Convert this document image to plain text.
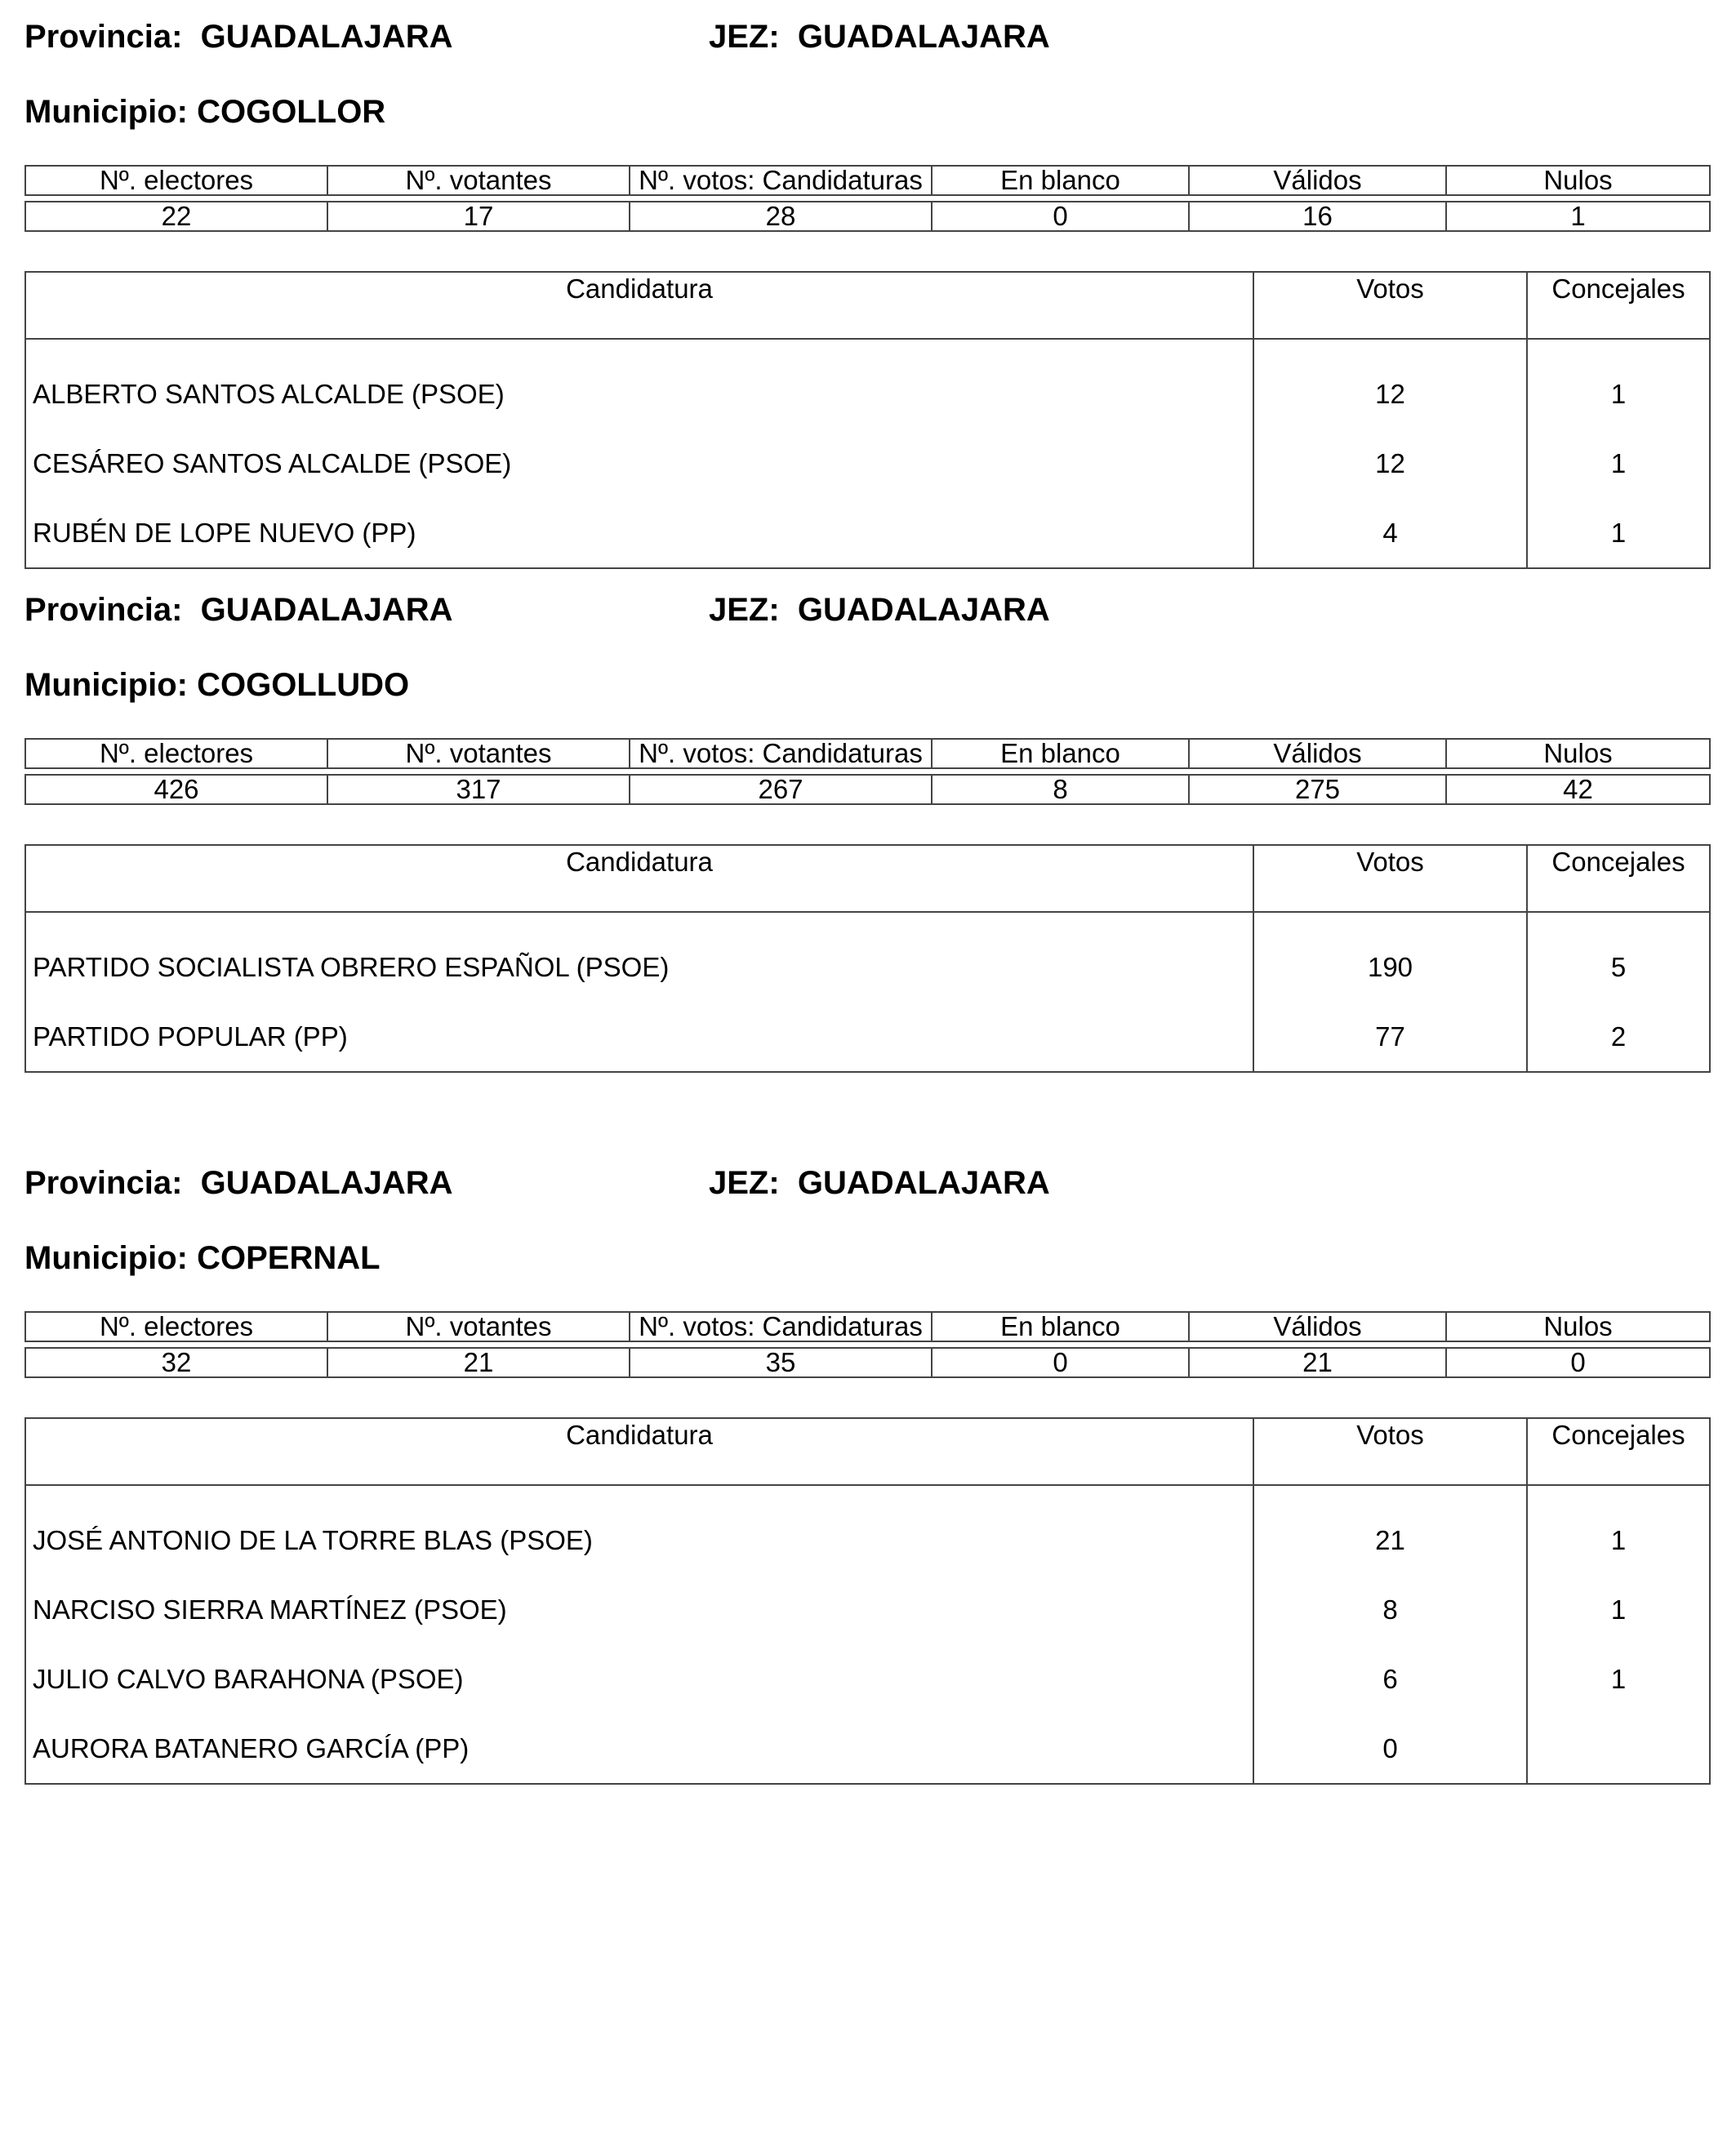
Provincia: GUADALAJARA	JEZ: GUADALAJARA
Municipio: COGOLLOR
Nº. electores	Nº. votantes	Nº. votos: Candidaturas	En blanco	Válidos	Nulos
22	17	28	0	16	1
Candidatura	Votos	Concejales
ALBERTO SANTOS ALCALDE (PSOE)	12	1
CESÁREO SANTOS ALCALDE (PSOE)	12	1
RUBÉN DE LOPE NUEVO (PP)	4	1
Provincia: GUADALAJARA	JEZ: GUADALAJARA
Municipio: COGOLLUDO
Nº. electores	Nº. votantes	Nº. votos: Candidaturas	En blanco	Válidos	Nulos
426	317	267	8	275	42
Candidatura	Votos	Concejales
PARTIDO SOCIALISTA OBRERO ESPAÑOL (PSOE)	190	5
PARTIDO POPULAR (PP)	77	2
Provincia: GUADALAJARA	JEZ: GUADALAJARA
Municipio: COPERNAL
Nº. electores	Nº. votantes	Nº. votos: Candidaturas	En blanco	Válidos	Nulos
32	21	35	0	21	0
Candidatura	Votos	Concejales
JOSÉ ANTONIO DE LA TORRE BLAS (PSOE)	21	1
NARCISO SIERRA MARTÍNEZ (PSOE)	8	1
JULIO CALVO BARAHONA (PSOE)	6	1
AURORA BATANERO GARCÍA (PP)	0	
